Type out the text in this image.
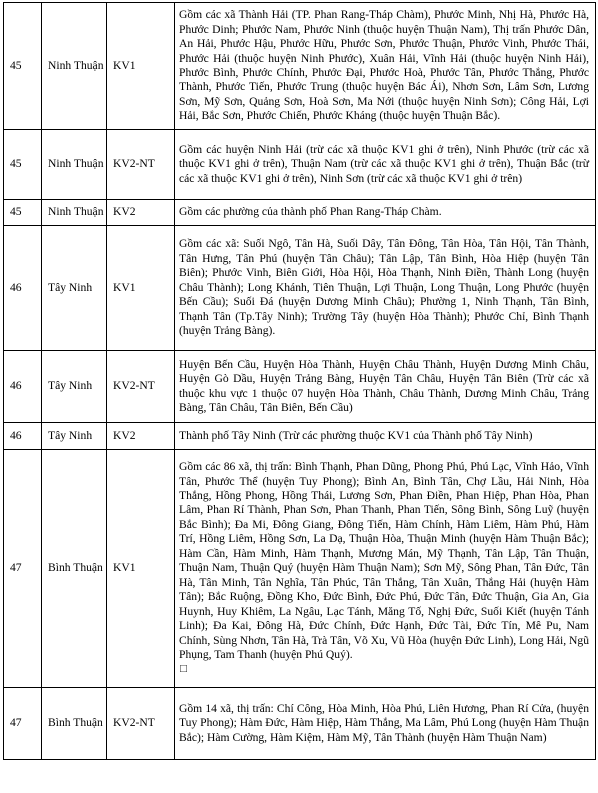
45	Ninh Thuận	KV1	Gồm các xã Thành Hải (TP. Phan Rang-Tháp Chàm), Phước Minh, Nhị Hà, Phước Hà, Phước Dinh; Phước Nam, Phước Ninh (thuộc huyện Thuận Nam), Thị trấn Phước Dân, An Hải, Phước Hậu, Phước Hữu, Phước Sơn, Phước Thuận, Phước Vinh, Phước Thái, Phước Hải (thuộc huyện Ninh Phước), Xuân Hải, Vĩnh Hải (thuộc huyện Ninh Hải), Phước Bình, Phước Chính, Phước Đại, Phước Hoà, Phước Tân, Phước Thắng, Phước Thành, Phước Tiến, Phước Trung (thuộc huyện Bác Ái), Nhơn Sơn, Lâm Sơn, Lương Sơn, Mỹ Sơn, Quảng Sơn, Hoà Sơn, Ma Nới (thuộc huyện Ninh Sơn); Công Hải, Lợi Hải, Bắc Sơn, Phước Chiến, Phước Kháng (thuộc huyện Thuận Bắc).

45	Ninh Thuận	KV2-NT	Gồm các huyện Ninh Hải (trừ các xã thuộc KV1 ghi ở trên), Ninh Phước (trừ các xã thuộc KV1 ghi ở trên), Thuận Nam (trừ các xã thuộc KV1 ghi ở trên), Thuận Bắc (trừ các xã thuộc KV1 ghi ở trên), Ninh Sơn (trừ các xã thuộc KV1 ghi ở trên)

45	Ninh Thuận	KV2	Gồm các phường của thành phố Phan Rang-Tháp Chàm.

46	Tây Ninh	KV1	Gồm các xã: Suối Ngô, Tân Hà, Suối Dây, Tân Đông, Tân Hòa, Tân Hội, Tân Thành, Tân Hưng, Tân Phú (huyện Tân Châu); Tân Lập, Tân Bình, Hòa Hiệp (huyện Tân Biên); Phước Vinh, Biên Giới, Hòa Hội, Hòa Thạnh, Ninh Điền, Thành Long (huyện Châu Thành); Long Khánh, Tiên Thuận, Lợi Thuận, Long Thuận, Long Phước (huyện Bến Cầu); Suối Đá (huyện Dương Minh Châu); Phường 1, Ninh Thạnh, Tân Bình, Thạnh Tân (Tp.Tây Ninh); Trường Tây (huyện Hòa Thành); Phước Chỉ, Bình Thạnh (huyện Trảng Bàng).

46	Tây Ninh	KV2-NT	Huyện Bến Cầu, Huyện Hòa Thành, Huyện Châu Thành, Huyện Dương Minh Châu, Huyện Gò Dầu, Huyện Trảng Bàng, Huyện Tân Châu, Huyện Tân Biên (Trừ các xã thuộc khu vực 1 thuộc 07 huyện Hòa Thành, Châu Thành, Dương Minh Châu, Trảng Bàng, Tân Châu, Tân Biên, Bến Cầu)

46	Tây Ninh	KV2	Thành phố Tây Ninh (Trừ các phường thuộc KV1 của Thành phố Tây Ninh)

47	Bình Thuận	KV1	Gồm các 86 xã, thị trấn: Bình Thạnh, Phan Dũng, Phong Phú, Phú Lạc, Vĩnh Hảo, Vĩnh Tân, Phước Thể (huyện Tuy Phong); Bình An, Bình Tân, Chợ Lầu, Hải Ninh, Hòa Thắng, Hồng Phong, Hồng Thái, Lương Sơn, Phan Điền, Phan Hiệp, Phan Hòa, Phan Lâm, Phan Rí Thành, Phan Sơn, Phan Thanh, Phan Tiến, Sông Bình, Sông Luỹ (huyện Bắc Bình); Đa Mi, Đông Giang, Đông Tiến, Hàm Chính, Hàm Liêm, Hàm Phú, Hàm Trí, Hồng Liêm, Hồng Sơn, La Dạ, Thuận Hòa, Thuận Minh (huyện Hàm Thuận Bắc); Hàm Cần, Hàm Minh, Hàm Thạnh, Mương Mán, Mỹ Thạnh, Tân Lập, Tân Thuận, Thuận Nam, Thuận Quý (huyện Hàm Thuận Nam); Sơn Mỹ, Sông Phan, Tân Đức, Tân Hà, Tân Minh, Tân Nghĩa, Tân Phúc, Tân Thắng, Tân Xuân, Thắng Hải (huyện Hàm Tân); Bắc Ruộng, Đồng Kho, Đức Bình, Đức Phú, Đức Tân, Đức Thuận, Gia An, Gia Huynh, Huy Khiêm, La Ngâu, Lạc Tánh, Măng Tố, Nghị Đức, Suối Kiết (huyện Tánh Linh); Đa Kai, Đông Hà, Đức Chính, Đức Hạnh, Đức Tài, Đức Tín, Mê Pu, Nam Chính, Sùng Nhơn, Tân Hà, Trà Tân, Võ Xu, Vũ Hòa (huyện Đức Linh), Long Hải, Ngũ Phụng, Tam Thanh (huyện Phú Quý).
□

47	Bình Thuận	KV2-NT	Gồm 14 xã, thị trấn: Chí Công, Hòa Minh, Hòa Phú, Liên Hương, Phan Rí Cửa, (huyện Tuy Phong); Hàm Đức, Hàm Hiệp, Hàm Thắng, Ma Lâm, Phú Long (huyện Hàm Thuận Bắc); Hàm Cường, Hàm Kiệm, Hàm Mỹ, Tân Thành (huyện Hàm Thuận Nam)
